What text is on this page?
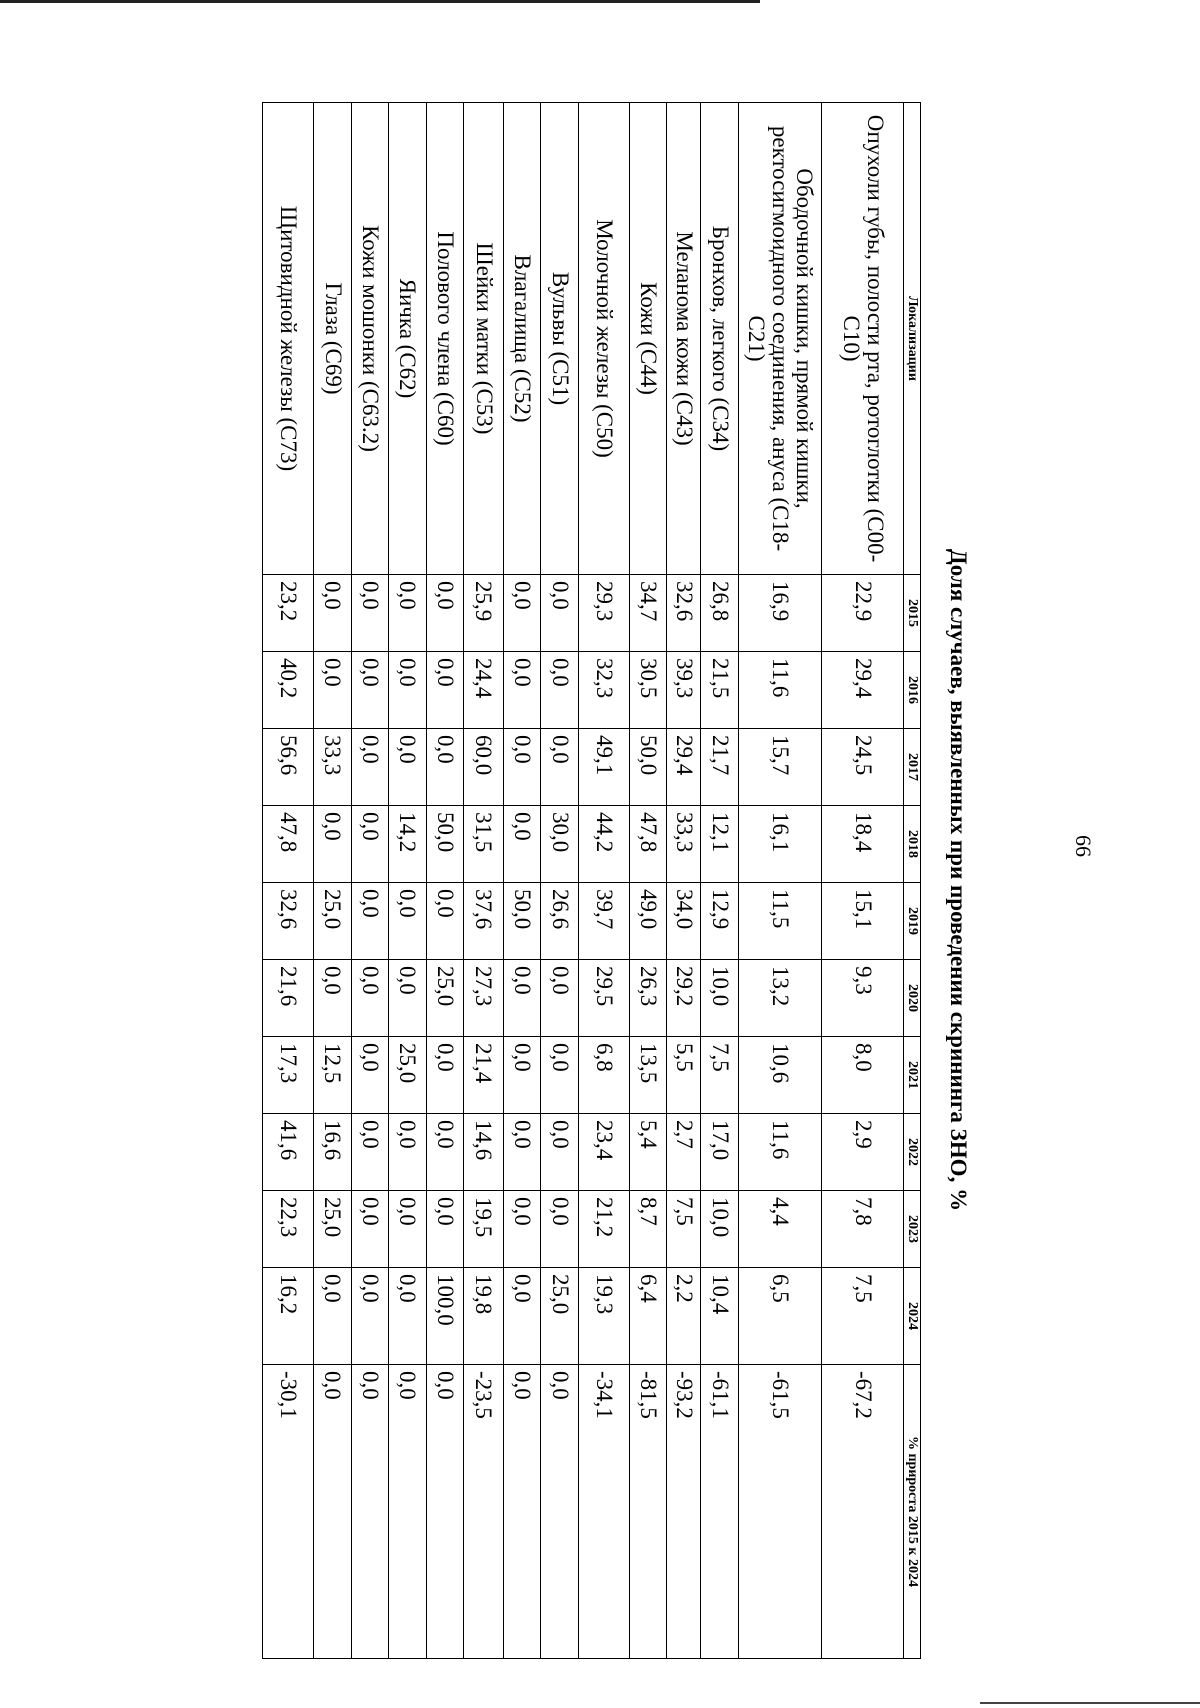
66
Доля случаев, выявленных при проведении скрининга ЗНО, %
Локализации	2015	2016	2017	2018	2019	2020	2021	2022	2023	2024	% прироста 2015 к 2024
Опухоли губы, полости рта, ротоглотки (С00-С10)	22,9	29,4	24,5	18,4	15,1	9,3	8,0	2,9	7,8	7,5	-67,2
Ободочной кишки, прямой кишки, ректосигмоидного соединения, ануса (С18-С21)	16,9	11,6	15,7	16,1	11,5	13,2	10,6	11,6	4,4	6,5	-61,5
Бронхов, легкого (С34)	26,8	21,5	21,7	12,1	12,9	10,0	7,5	17,0	10,0	10,4	-61,1
Меланома кожи (С43)	32,6	39,3	29,4	33,3	34,0	29,2	5,5	2,7	7,5	2,2	-93,2
Кожи (С44)	34,7	30,5	50,0	47,8	49,0	26,3	13,5	5,4	8,7	6,4	-81,5
Молочной железы (С50)	29,3	32,3	49,1	44,2	39,7	29,5	6,8	23,4	21,2	19,3	-34,1
Вульвы (С51)	0,0	0,0	0,0	30,0	26,6	0,0	0,0	0,0	0,0	25,0	0,0
Влагалища (С52)	0,0	0,0	0,0	0,0	50,0	0,0	0,0	0,0	0,0	0,0	0,0
Шейки матки (С53)	25,9	24,4	60,0	31,5	37,6	27,3	21,4	14,6	19,5	19,8	-23,5
Полового члена (С60)	0,0	0,0	0,0	50,0	0,0	25,0	0,0	0,0	0,0	100,0	0,0
Яичка (С62)	0,0	0,0	0,0	14,2	0,0	0,0	25,0	0,0	0,0	0,0	0,0
Кожи мошонки (С63.2)	0,0	0,0	0,0	0,0	0,0	0,0	0,0	0,0	0,0	0,0	0,0
Глаза (С69)	0,0	0,0	33,3	0,0	25,0	0,0	12,5	16,6	25,0	0,0	0,0
Щитовидной железы (С73)	23,2	40,2	56,6	47,8	32,6	21,6	17,3	41,6	22,3	16,2	-30,1
